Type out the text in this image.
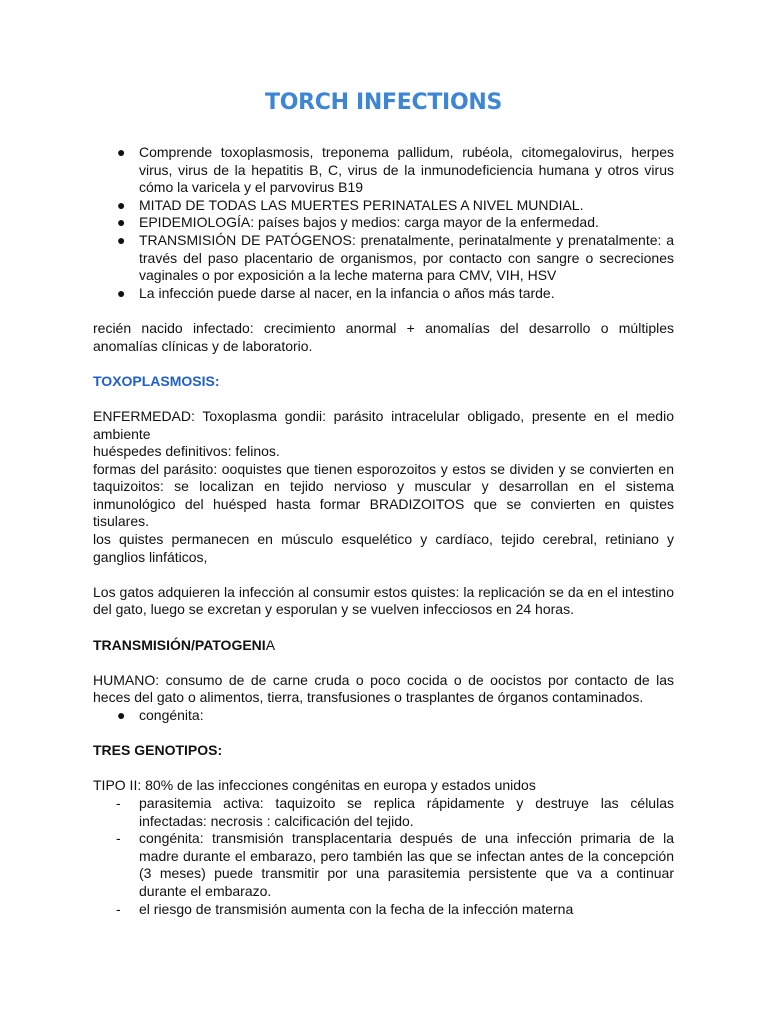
TORCH INFECTIONS
● Comprende toxoplasmosis, treponema pallidum, rubéola, citomegalovirus, herpes virus, virus de la hepatitis B, C, virus de la inmunodeficiencia humana y otros virus cómo la varicela y el parvovirus B19
● MITAD DE TODAS LAS MUERTES PERINATALES A NIVEL MUNDIAL.
● EPIDEMIOLOGÍA: países bajos y medios: carga mayor de la enfermedad.
● TRANSMISIÓN DE PATÓGENOS: prenatalmente, perinatalmente y prenatalmente: a través del paso placentario de organismos, por contacto con sangre o secreciones vaginales o por exposición a la leche materna para CMV, VIH, HSV
● La infección puede darse al nacer, en la infancia o años más tarde.

recién nacido infectado: crecimiento anormal + anomalías del desarrollo o múltiples anomalías clínicas y de laboratorio.

TOXOPLASMOSIS:

ENFERMEDAD: Toxoplasma gondii: parásito intracelular obligado, presente en el medio ambiente

huéspedes definitivos: felinos.

formas del parásito: ooquistes que tienen esporozoitos y estos se dividen y se convierten en taquizoitos: se localizan en tejido nervioso y muscular y desarrollan en el sistema inmunológico del huésped hasta formar BRADIZOITOS que se convierten en quistes tisulares.

los quistes permanecen en músculo esquelético y cardíaco, tejido cerebral, retiniano y ganglios linfáticos,

Los gatos adquieren la infección al consumir estos quistes: la replicación se da en el intestino del gato, luego se excretan y esporulan y se vuelven infecciosos en 24 horas.

TRANSMISIÓN/PATOGENIA

HUMANO: consumo de de carne cruda o poco cocida o de oocistos por contacto de las heces del gato o alimentos, tierra, transfusiones o trasplantes de órganos contaminados.

● congénita:

TRES GENOTIPOS:

TIPO II: 80% de las infecciones congénitas en europa y estados unidos

- parasitemia activa: taquizoito se replica rápidamente y destruye las células infectadas: necrosis : calcificación del tejido.
- congénita: transmisión transplacentaria después de una infección primaria de la madre durante el embarazo, pero también las que se infectan antes de la concepción (3 meses) puede transmitir por una parasitemia persistente que va a continuar durante el embarazo.
- el riesgo de transmisión aumenta con la fecha de la infección materna
